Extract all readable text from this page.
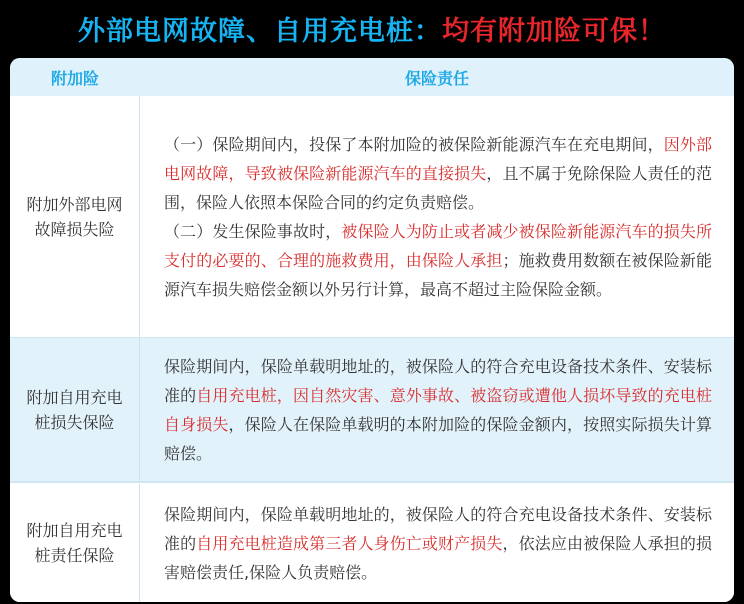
外部电网故障、自用充电桩： 均有附加险可保！
附加险	保险责任
附加外部电网
故障损失险

（一）保险期间内，投保了本附加险的被保险新能源汽车在充电期间，因外部电网故障，导致被保险新能源汽车的直接损失，且不属于免除保险人责任的范围，保险人依照本保险合同的约定负责赔偿。

（二）发生保险事故时，被保险人为防止或者减少被保险新能源汽车的损失所支付的必要的、合理的施救费用，由保险人承担；施救费用数额在被保险新能源汽车损失赔偿金额以外另行计算，最高不超过主险保险金额。

附加自用充电
桩损失保险

保险期间内，保险单载明地址的，被保险人的符合充电设备技术条件、安装标准的自用充电桩，因自然灾害、意外事故、被盗窃或遭他人损坏导致的充电桩自身损失，保险人在保险单载明的本附加险的保险金额内，按照实际损失计算赔偿。

附加自用充电
桩责任保险

保险期间内，保险单载明地址的，被保险人的符合充电设备技术条件、安装标准的自用充电桩造成第三者人身伤亡或财产损失，依法应由被保险人承担的损害赔偿责任,保险人负责赔偿。
